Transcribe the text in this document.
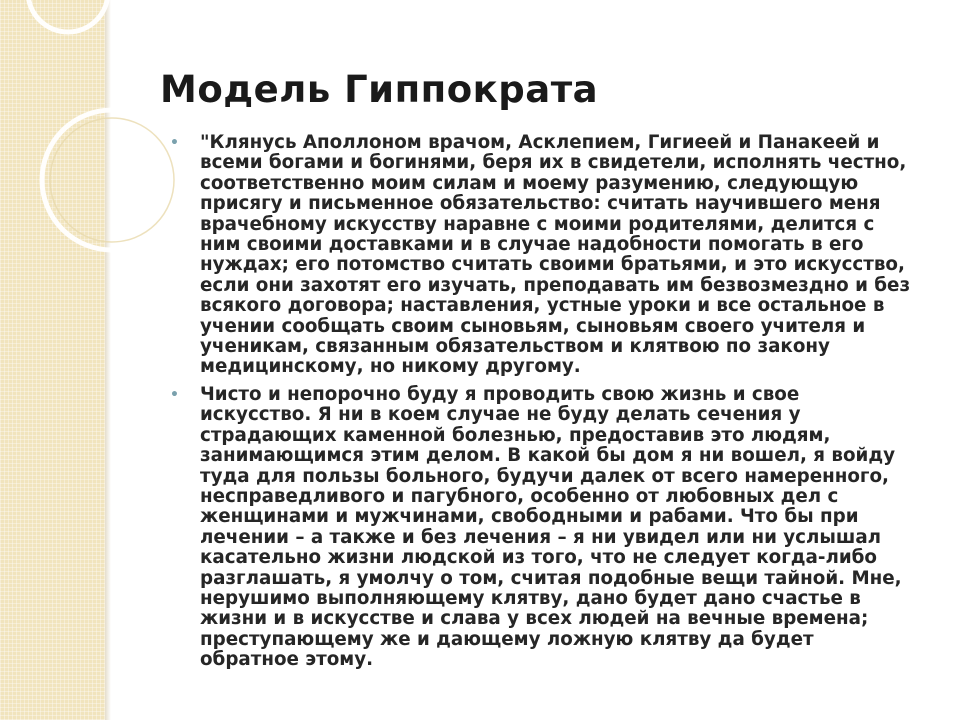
Модель Гиппократа
• "Клянусь Аполлоном врачом, Асклепием, Гигиеей и Панакеей и всеми богами и богинями, беря их в свидетели, исполнять честно, соответственно моим силам и моему разумению, следующую присягу и письменное обязательство: считать научившего меня врачебному искусству наравне с моими родителями, делится с ним своими доставками и в случае надобности помогать в его нуждах; его потомство считать своими братьями, и это искусство, если они захотят его изучать, преподавать им безвозмездно и без всякого договора; наставления, устные уроки и все остальное в учении сообщать своим сыновьям, сыновьям своего учителя и ученикам, связанным обязательством и клятвою по закону медицинскому, но никому другому.
• Чисто и непорочно буду я проводить свою жизнь и свое искусство. Я ни в коем случае не буду делать сечения у страдающих каменной болезнью, предоставив это людям, занимающимся этим делом. В какой бы дом я ни вошел, я войду туда для пользы больного, будучи далек от всего намеренного, несправедливого и пагубного, особенно от любовных дел с женщинами и мужчинами, свободными и рабами. Что бы при лечении – а также и без лечения – я ни увидел или ни услышал касательно жизни людской из того, что не следует когда-либо разглашать, я умолчу о том, считая подобные вещи тайной. Мне, нерушимо выполняющему клятву, дано будет дано счастье в жизни и в искусстве и слава у всех людей на вечные времена; преступающему же и дающему ложную клятву да будет обратное этому.
